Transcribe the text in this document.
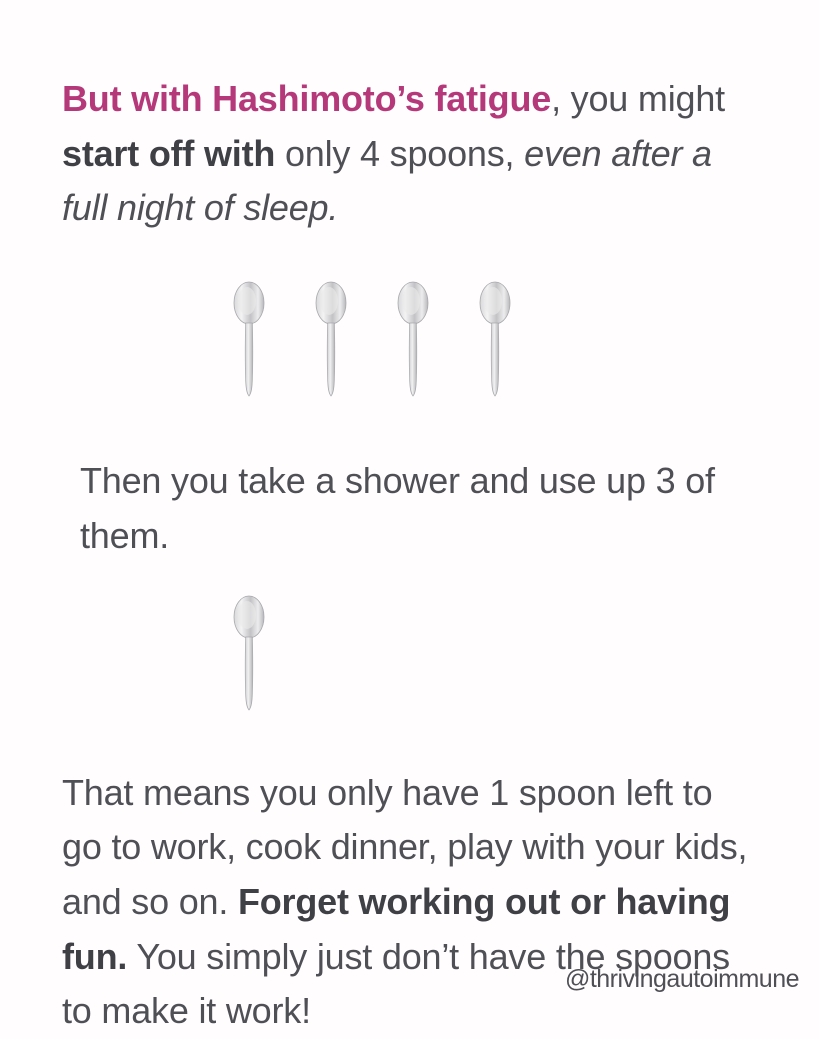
But with Hashimoto’s fatigue, you might start off with only 4 spoons, even after a full night of sleep.

Then you take a shower and use up 3 of them.

That means you only have 1 spoon left to go to work, cook dinner, play with your kids, and so on. Forget working out or having fun. You simply just don’t have the spoons to make it work!

@thrivingautoimmune
